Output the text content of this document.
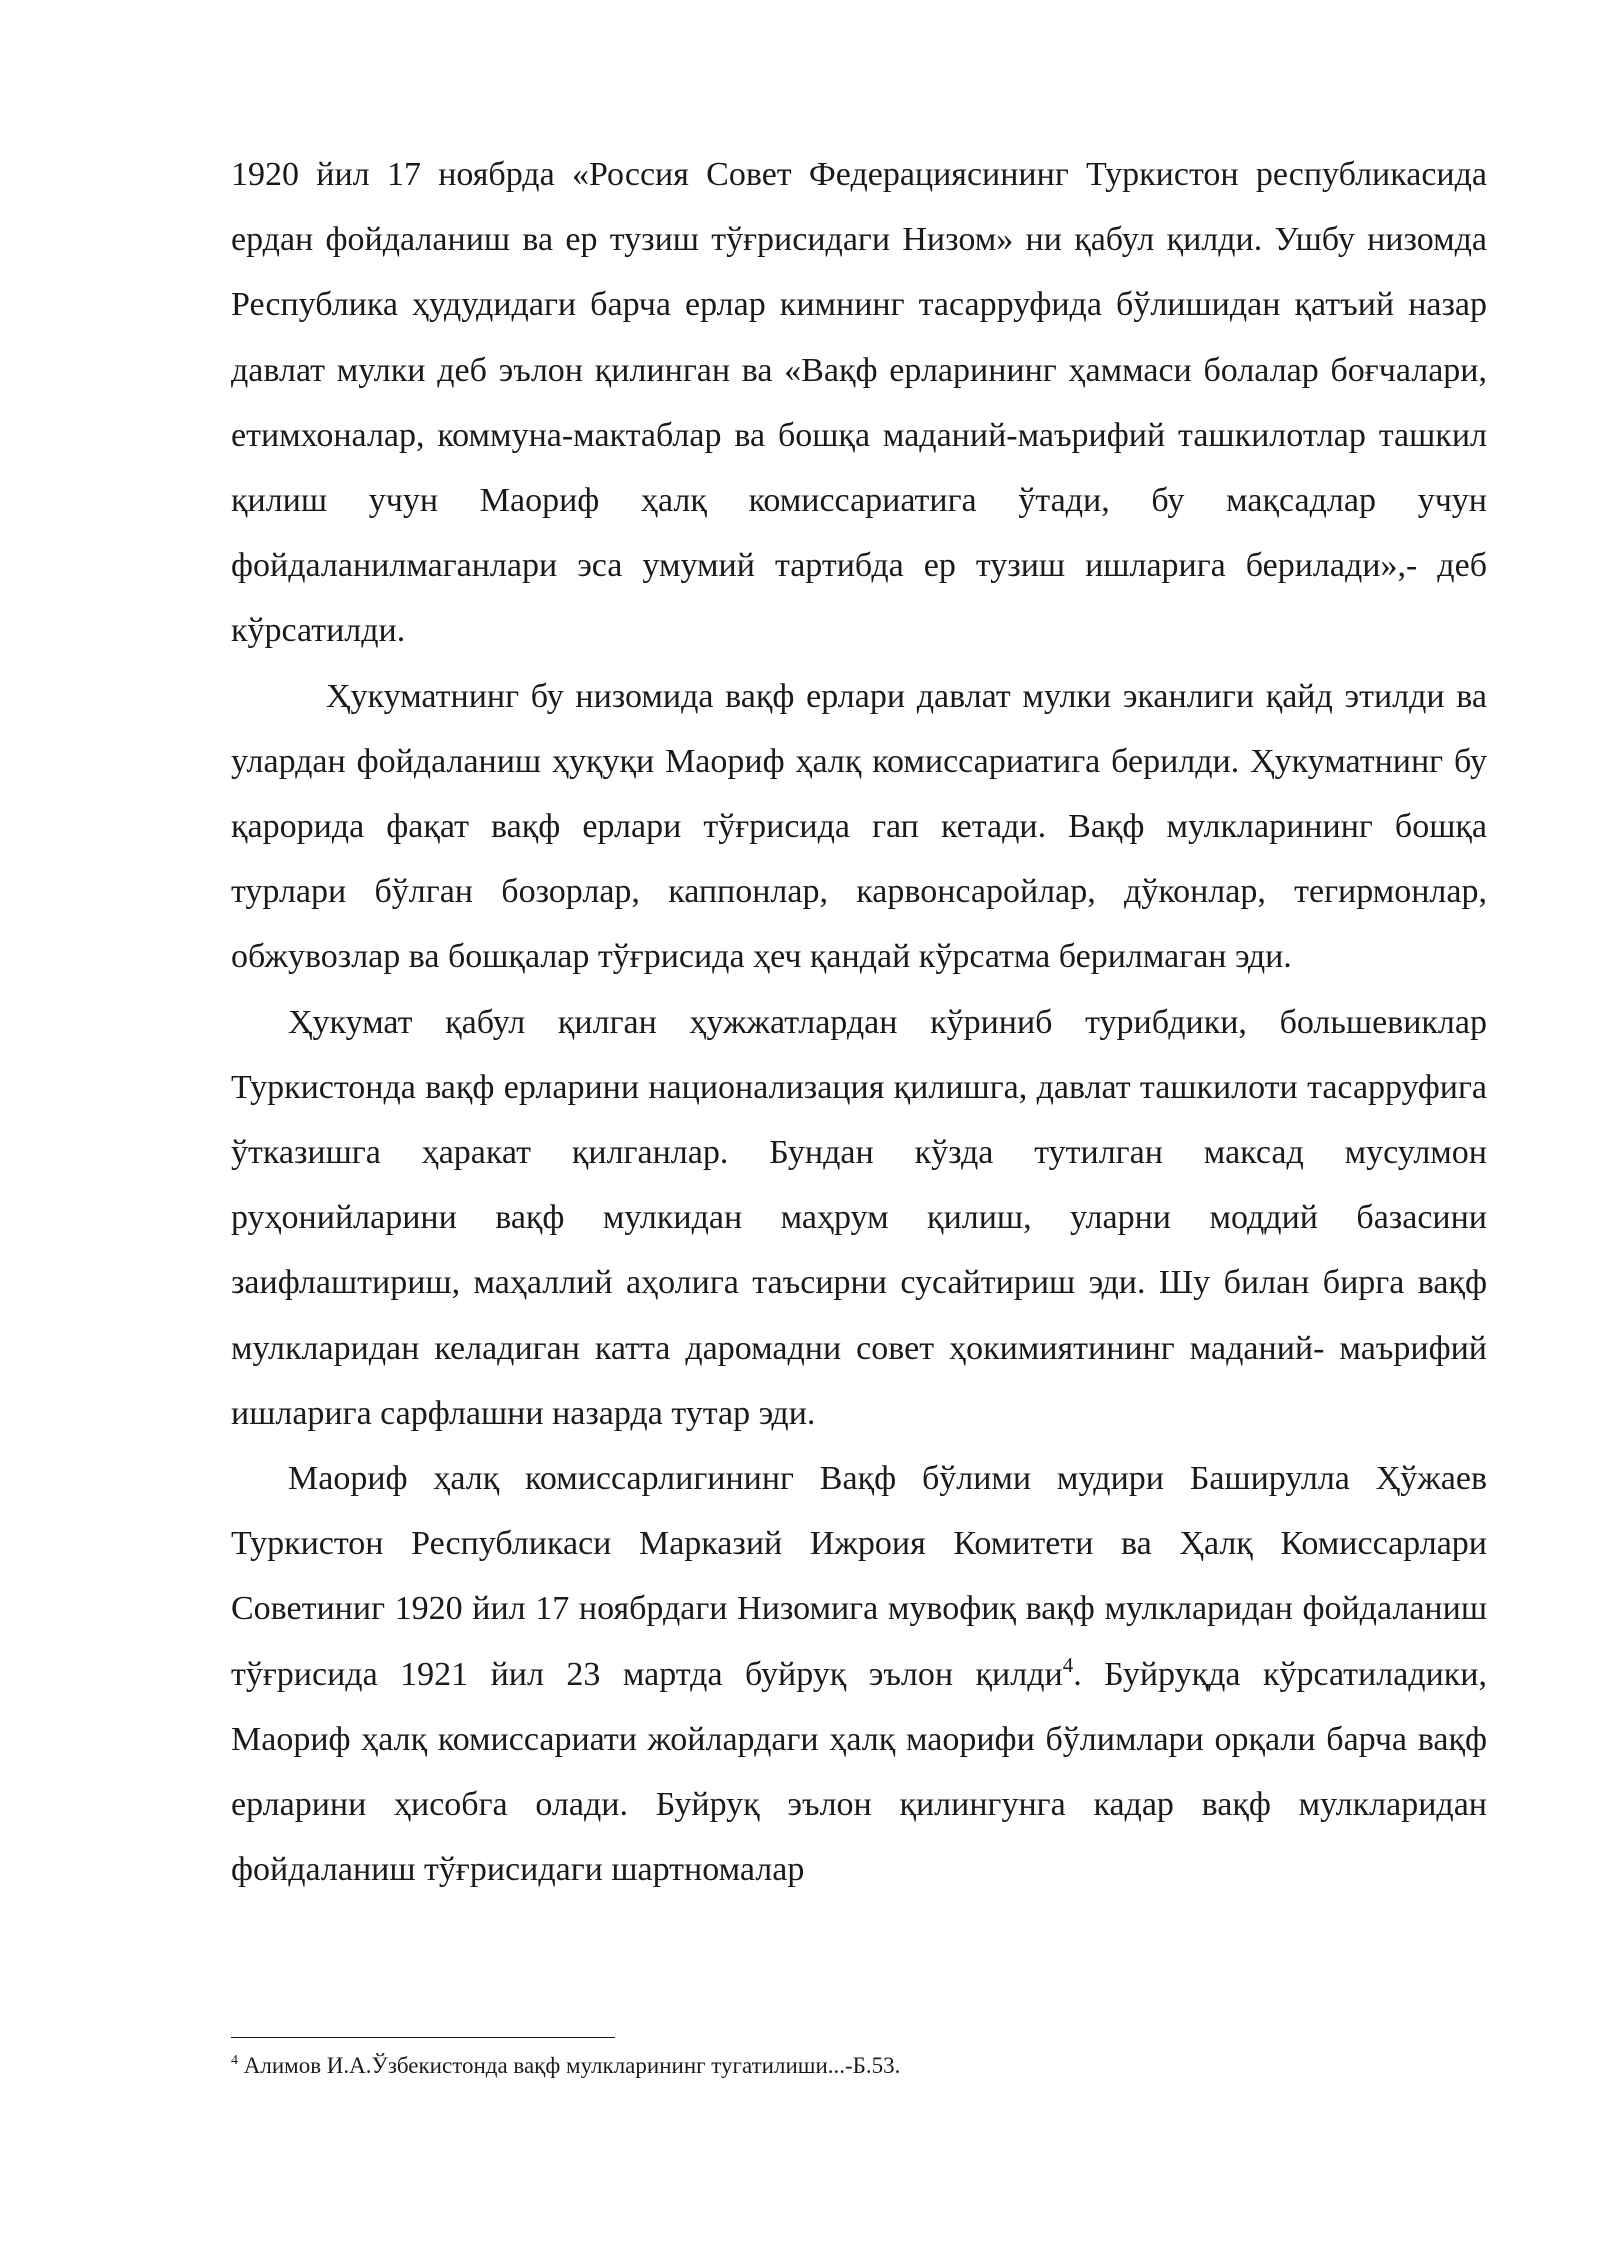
1920 йил 17 ноябрда «Россия Совет Федерациясининг Туркистон республикасида ердан фойдаланиш ва ер тузиш тўғрисидаги Низом» ни қабул қилди. Ушбу низомда Республика ҳудудидаги барча ерлар кимнинг тасарруфида бўлишидан қатъий назар давлат мулки деб эълон қилинган ва «Вақф ерларининг ҳаммаси болалар боғчалари, етимхоналар, коммуна-мактаблар ва бошқа маданий-маърифий ташкилотлар ташкил қилиш учун Маориф ҳалқ комиссариатига ўтади, бу мақсадлар учун фойдаланилмаганлари эса умумий тартибда ер тузиш ишларига берилади»,- деб кўрсатилди.

Ҳукуматнинг бу низомида вақф ерлари давлат мулки эканлиги қайд этилди ва улардан фойдаланиш ҳуқуқи Маориф ҳалқ комиссариатига берилди. Ҳукуматнинг бу қарорида фақат вақф ерлари тўғрисида гап кетади. Вақф мулкларининг бошқа турлари бўлган бозорлар, каппонлар, карвонсаройлар, дўконлар, тегирмонлар, обжувозлар ва бошқалар тўғрисида ҳеч қандай кўрсатма берилмаган эди.

Ҳукумат қабул қилган ҳужжатлардан кўриниб турибдики, большевиклар Туркистонда вақф ерларини национализация қилишга, давлат ташкилоти тасарруфига ўтказишга ҳаракат қилганлар. Бундан кўзда тутилган максад мусулмон руҳонийларини вақф мулкидан маҳрум қилиш, уларни моддий базасини заифлаштириш, маҳаллий аҳолига таъсирни сусайтириш эди. Шу билан бирга вақф мулкларидан келадиган катта даромадни совет ҳокимиятининг маданий- маърифий ишларига сарфлашни назарда тутар эди.

Маориф ҳалқ комиссарлигининг Вақф бўлими мудири Баширулла Ҳўжаев Туркистон Республикаси Марказий Ижроия Комитети ва Ҳалқ Комиссарлари Советиниг 1920 йил 17 ноябрдаги Низомига мувофиқ вақф мулкларидан фойдаланиш тўғрисида 1921 йил 23 мартда буйруқ эълон қилди$^4$. Буйруқда кўрсатиладики, Маориф ҳалқ комиссариати жойлардаги ҳалқ маорифи бўлимлари орқали барча вақф ерларини ҳисобга олади. Буйруқ эълон қилингунга кадар вақф мулкларидан фойдаланиш тўғрисидаги шартномалар

$^4$ Алимов И.А.Ўзбекистонда вақф мулкларининг тугатилиши...-Б.53.
